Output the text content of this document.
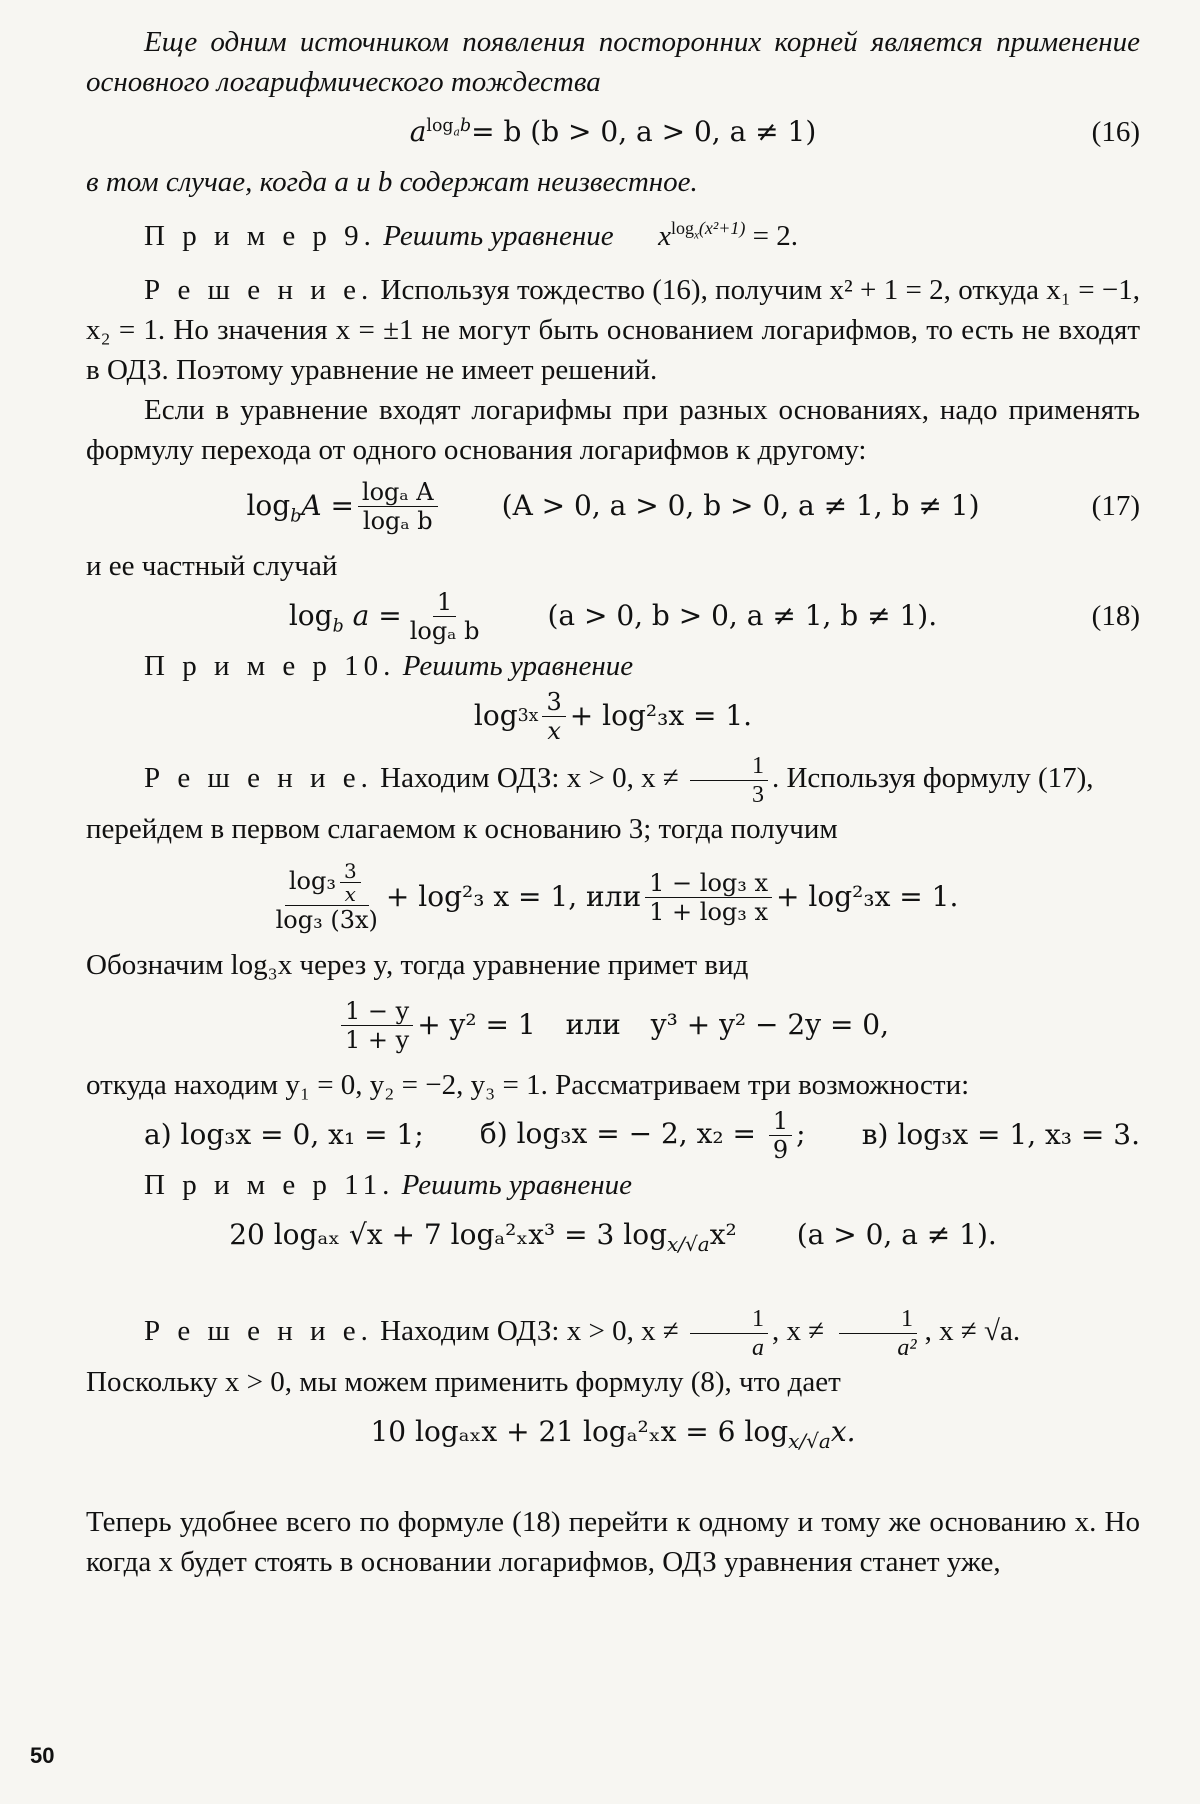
Еще одним источником появления посторонних корней является применение основного логарифмического тождества

$a^{log_ab} = b$ (b > 0, a > 0, a ≠ 1)	(16)

в том случае, когда a и b содержат неизвестное.

П р и м е р 9. Решить уравнение $x^{log_x(x^2+1)} = 2$.

Р е ш е н и е. Используя тождество (16), получим x² + 1 = 2, откуда x₁ = −1, x₂ = 1. Но значения x = ±1 не могут быть основанием логарифмов, то есть не входят в ОДЗ. Поэтому уравнение не имеет решений.

Если в уравнение входят логарифмы при разных основаниях, надо применять формулу перехода от одного основания логарифмов к другому:

$\log_bA = \frac{\text{logₐ A}}{\text{logₐ b}} (A > 0$, a > 0, b > 0, a ≠ 1, b ≠ 1)	(17)

и ее частный случай

$\log_b a = \frac{1}{\text{logₐ b}} (a > 0$, b > 0, a ≠ 1, b ≠ 1).	(18)

П р и м е р 10. Решить уравнение

$\log 3x \frac{3}{x} + \log^2_3x = 1$.

Р е ш е н и е. Находим ОДЗ: x > 0, $x \ne \frac{1}{3}$ . Используя формулу (17),

перейдем в первом слагаемом к основанию 3; тогда получим

$\frac{\log_3 \frac{3}{x}}{\text{log₃ (3x)}} + \log^2_3$ x = 1, или $\frac{\text{1 − log₃ x}}{\text{1 + log₃ x}} + \log^2_3x = 1$.

Обозначим log₃x через y, тогда уравнение примет вид

$\frac{1 - y}{1 + y} + y^2 = 1$ или y³ + y² − 2y = 0,

откуда находим y₁ = 0, y₂ = −2, y₃ = 1. Рассматриваем три возможности:

а) log₃x = 0, x₁ = 1; б) log₃x = − 2, $x_2 = \frac{1}{9}$ ; в) log₃x = 1, x₃ = 3.

П р и м е р 11. Решить уравнение

20 logₐₓ √x + 7 logₐ²ₓx³ = 3 log x/√a x² (a > 0, a ≠ 1).

Р е ш е н и е. Находим ОДЗ: x > 0, $x \ne \frac{1}{a}$ , $x \ne \frac{1}{\text{a²}}$ , x ≠ √a.

Поскольку x > 0, мы можем применить формулу (8), что дает

10 logₐₓx + 21 logₐ²ₓx = 6 log x/√a x.

Теперь удобнее всего по формуле (18) перейти к одному и тому же основанию x. Но когда x будет стоять в основании логарифмов, ОДЗ уравнения станет уже,

50
